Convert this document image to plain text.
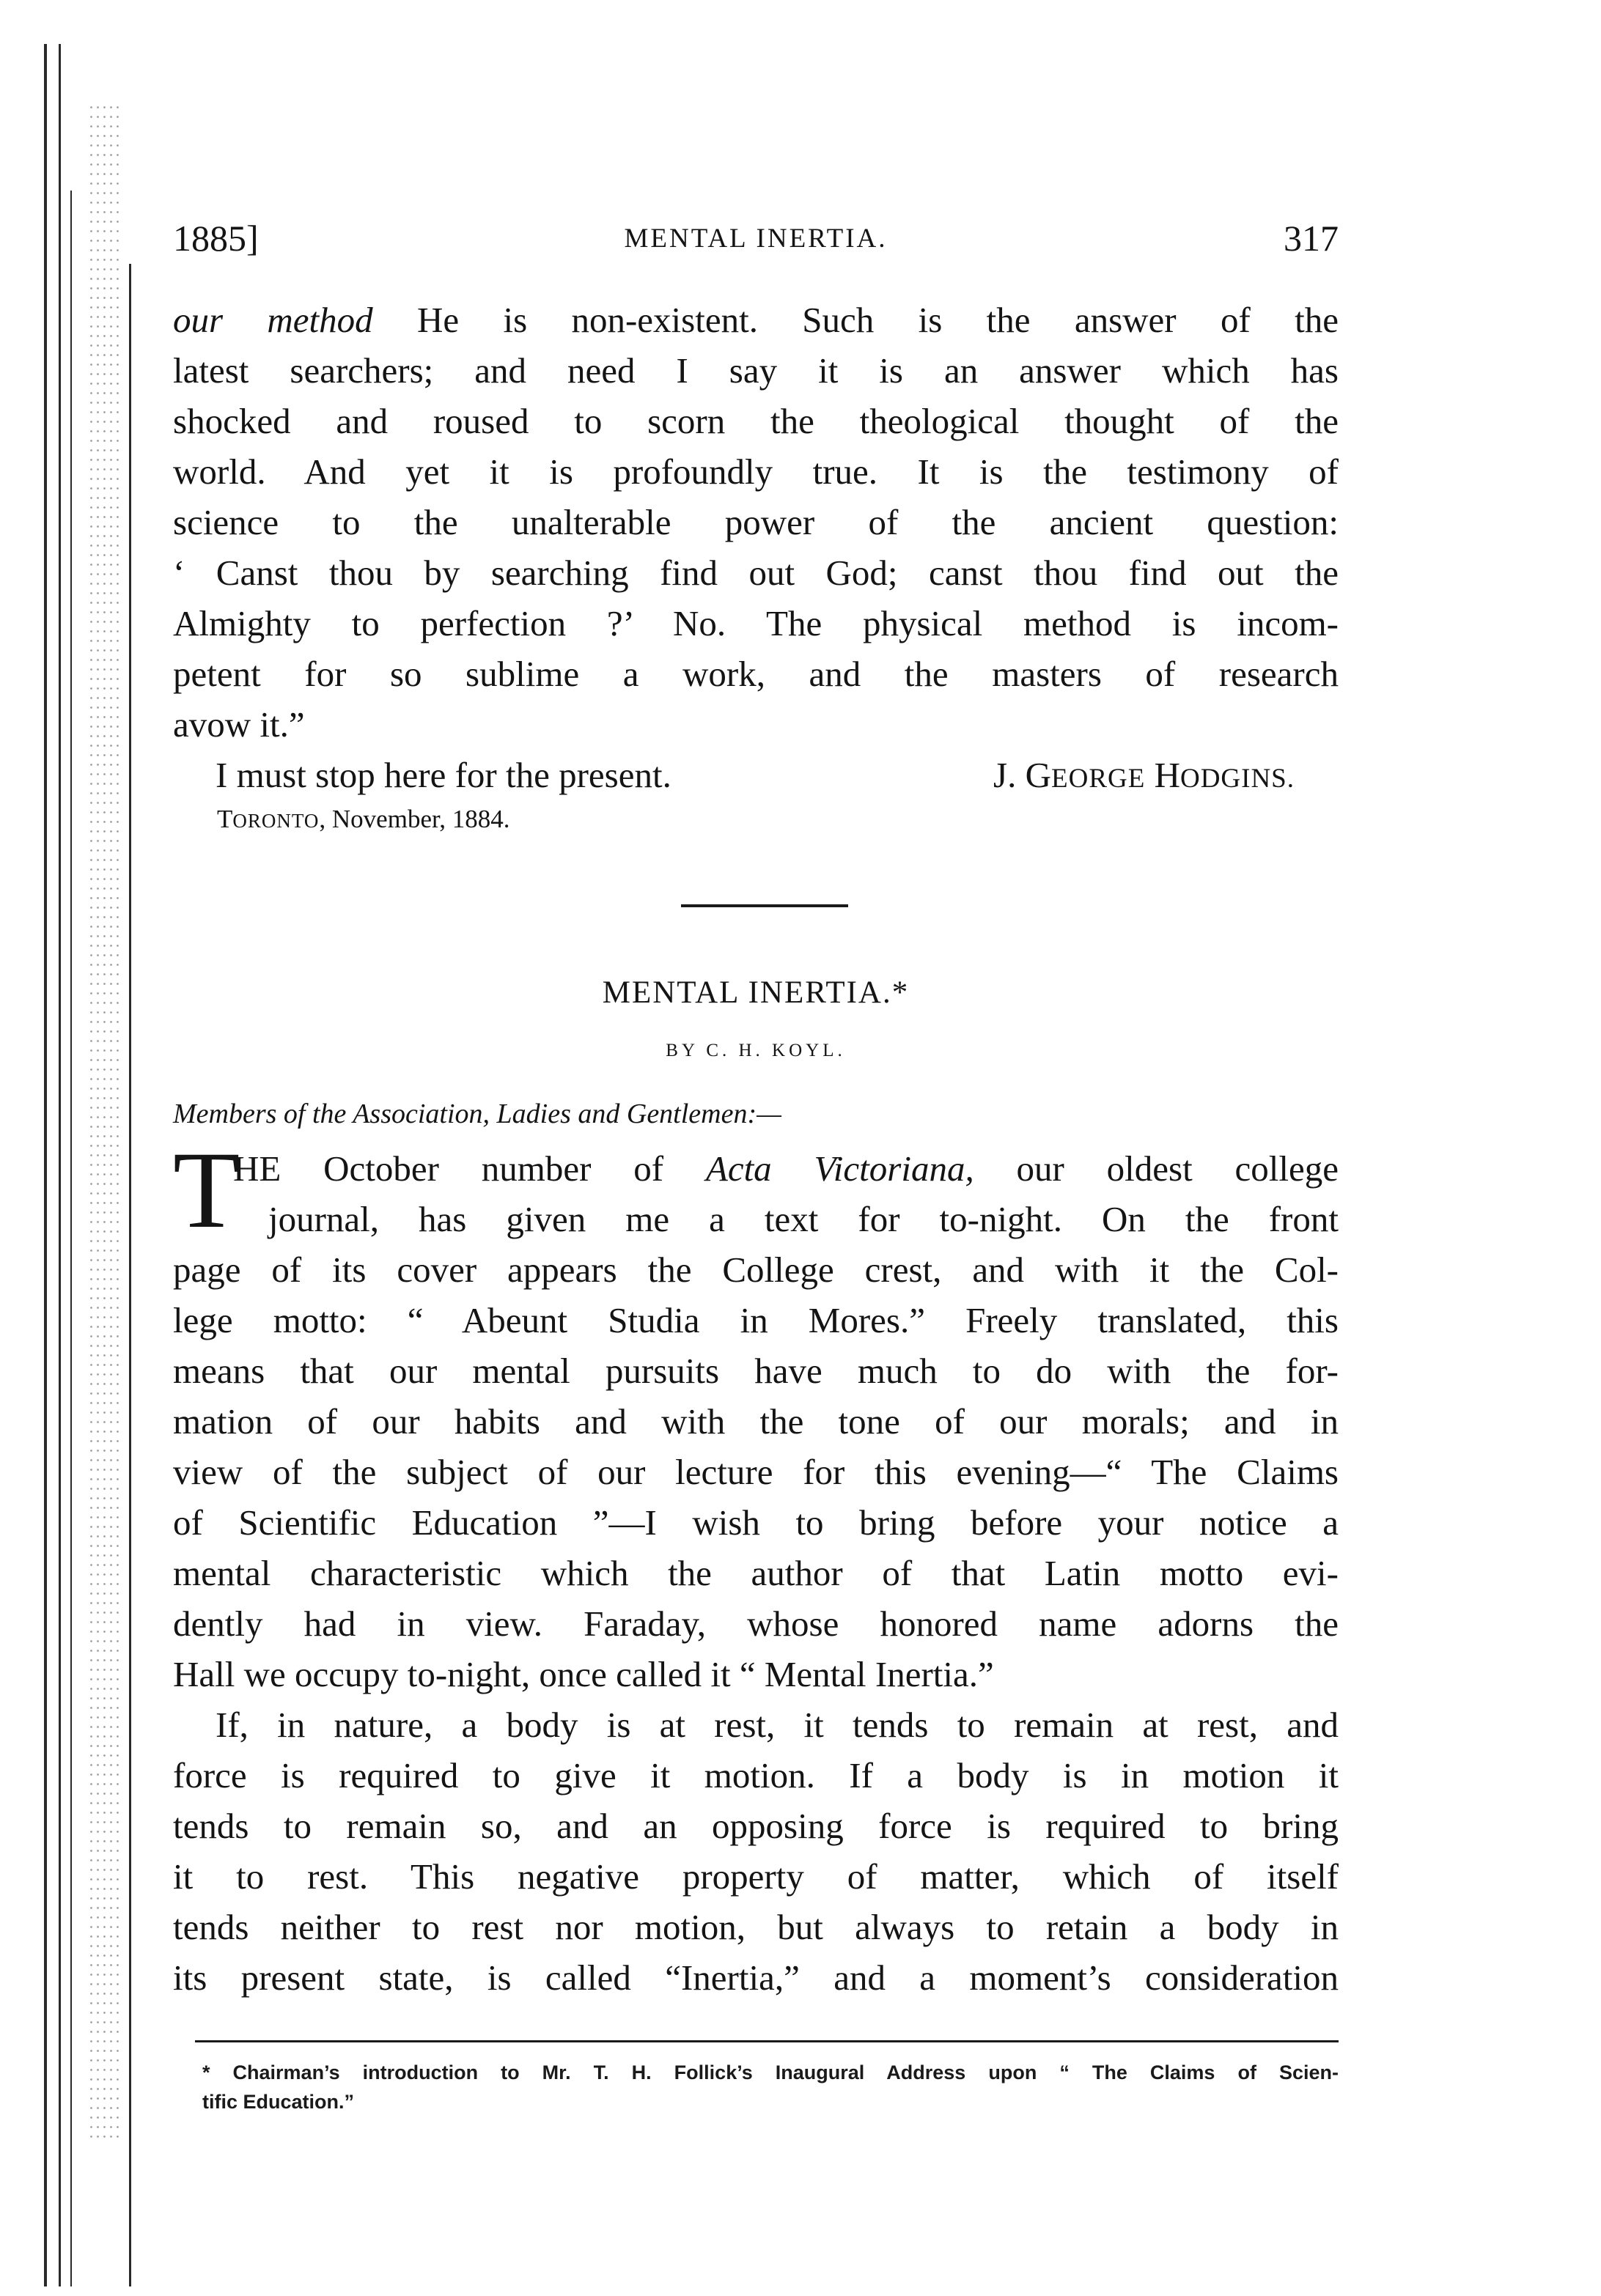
1885]	MENTAL INERTIA.	317
our method He is non-existent. Such is the answer of the
latest searchers; and need I say it is an answer which has
shocked and roused to scorn the theological thought of the
world. And yet it is profoundly true. It is the testimony of
science to the unalterable power of the ancient question:
‘ Canst thou by searching find out God; canst thou find out the
Almighty to perfection ?’ No. The physical method is incom-
petent for so sublime a work, and the masters of research
avow it.”
I must stop here for the present.	J. GEORGE HODGINS.
TORONTO, November, 1884.
MENTAL INERTIA.*
BY C. H. KOYL.
Members of the Association, Ladies and Gentlemen:—
T
HE October number of Acta Victoriana, our oldest college
journal, has given me a text for to-night. On the front
page of its cover appears the College crest, and with it the Col-
lege motto: “ Abeunt Studia in Mores.” Freely translated, this
means that our mental pursuits have much to do with the for-
mation of our habits and with the tone of our morals; and in
view of the subject of our lecture for this evening—“ The Claims
of Scientific Education ”—I wish to bring before your notice a
mental characteristic which the author of that Latin motto evi-
dently had in view. Faraday, whose honored name adorns the
Hall we occupy to-night, once called it “ Mental Inertia.”
If, in nature, a body is at rest, it tends to remain at rest, and
force is required to give it motion. If a body is in motion it
tends to remain so, and an opposing force is required to bring
it to rest. This negative property of matter, which of itself
tends neither to rest nor motion, but always to retain a body in
its present state, is called “Inertia,” and a moment’s consideration
* Chairman’s introduction to Mr. T. H. Follick’s Inaugural Address upon “ The Claims of Scien-
tific Education.”
